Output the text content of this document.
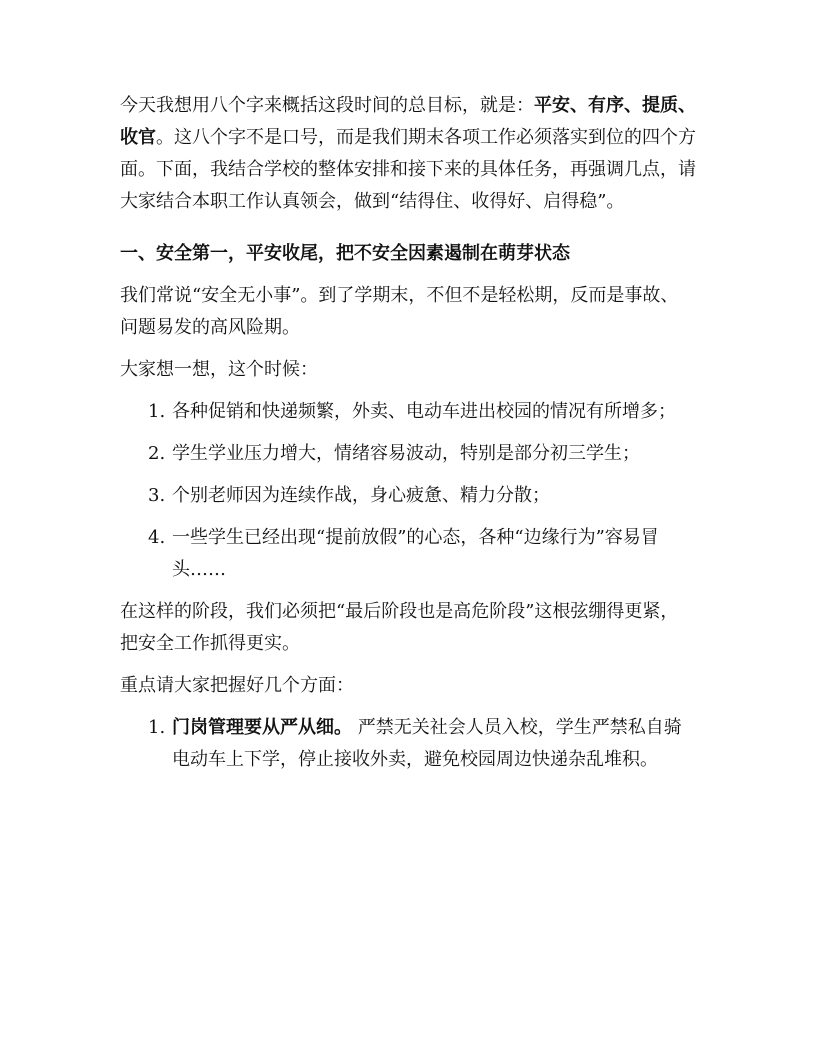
今天我想用八个字来概括这段时间的总目标，就是：平安、有序、提质、收官。这八个字不是口号，而是我们期末各项工作必须落实到位的四个方面。下面，我结合学校的整体安排和接下来的具体任务，再强调几点，请大家结合本职工作认真领会，做到“结得住、收得好、启得稳”。

一、安全第一，平安收尾，把不安全因素遏制在萌芽状态

我们常说“安全无小事”。到了学期末，不但不是轻松期，反而是事故、问题易发的高风险期。

大家想一想，这个时候：

1. 各种促销和快递频繁，外卖、电动车进出校园的情况有所增多；
2. 学生学业压力增大，情绪容易波动，特别是部分初三学生；
3. 个别老师因为连续作战，身心疲惫、精力分散；
4. 一些学生已经出现“提前放假”的心态，各种“边缘行为”容易冒头……

在这样的阶段，我们必须把“最后阶段也是高危阶段”这根弦绷得更紧，把安全工作抓得更实。

重点请大家把握好几个方面：

1. 门岗管理要从严从细。 严禁无关社会人员入校，学生严禁私自骑电动车上下学，停止接收外卖，避免校园周边快递杂乱堆积。
